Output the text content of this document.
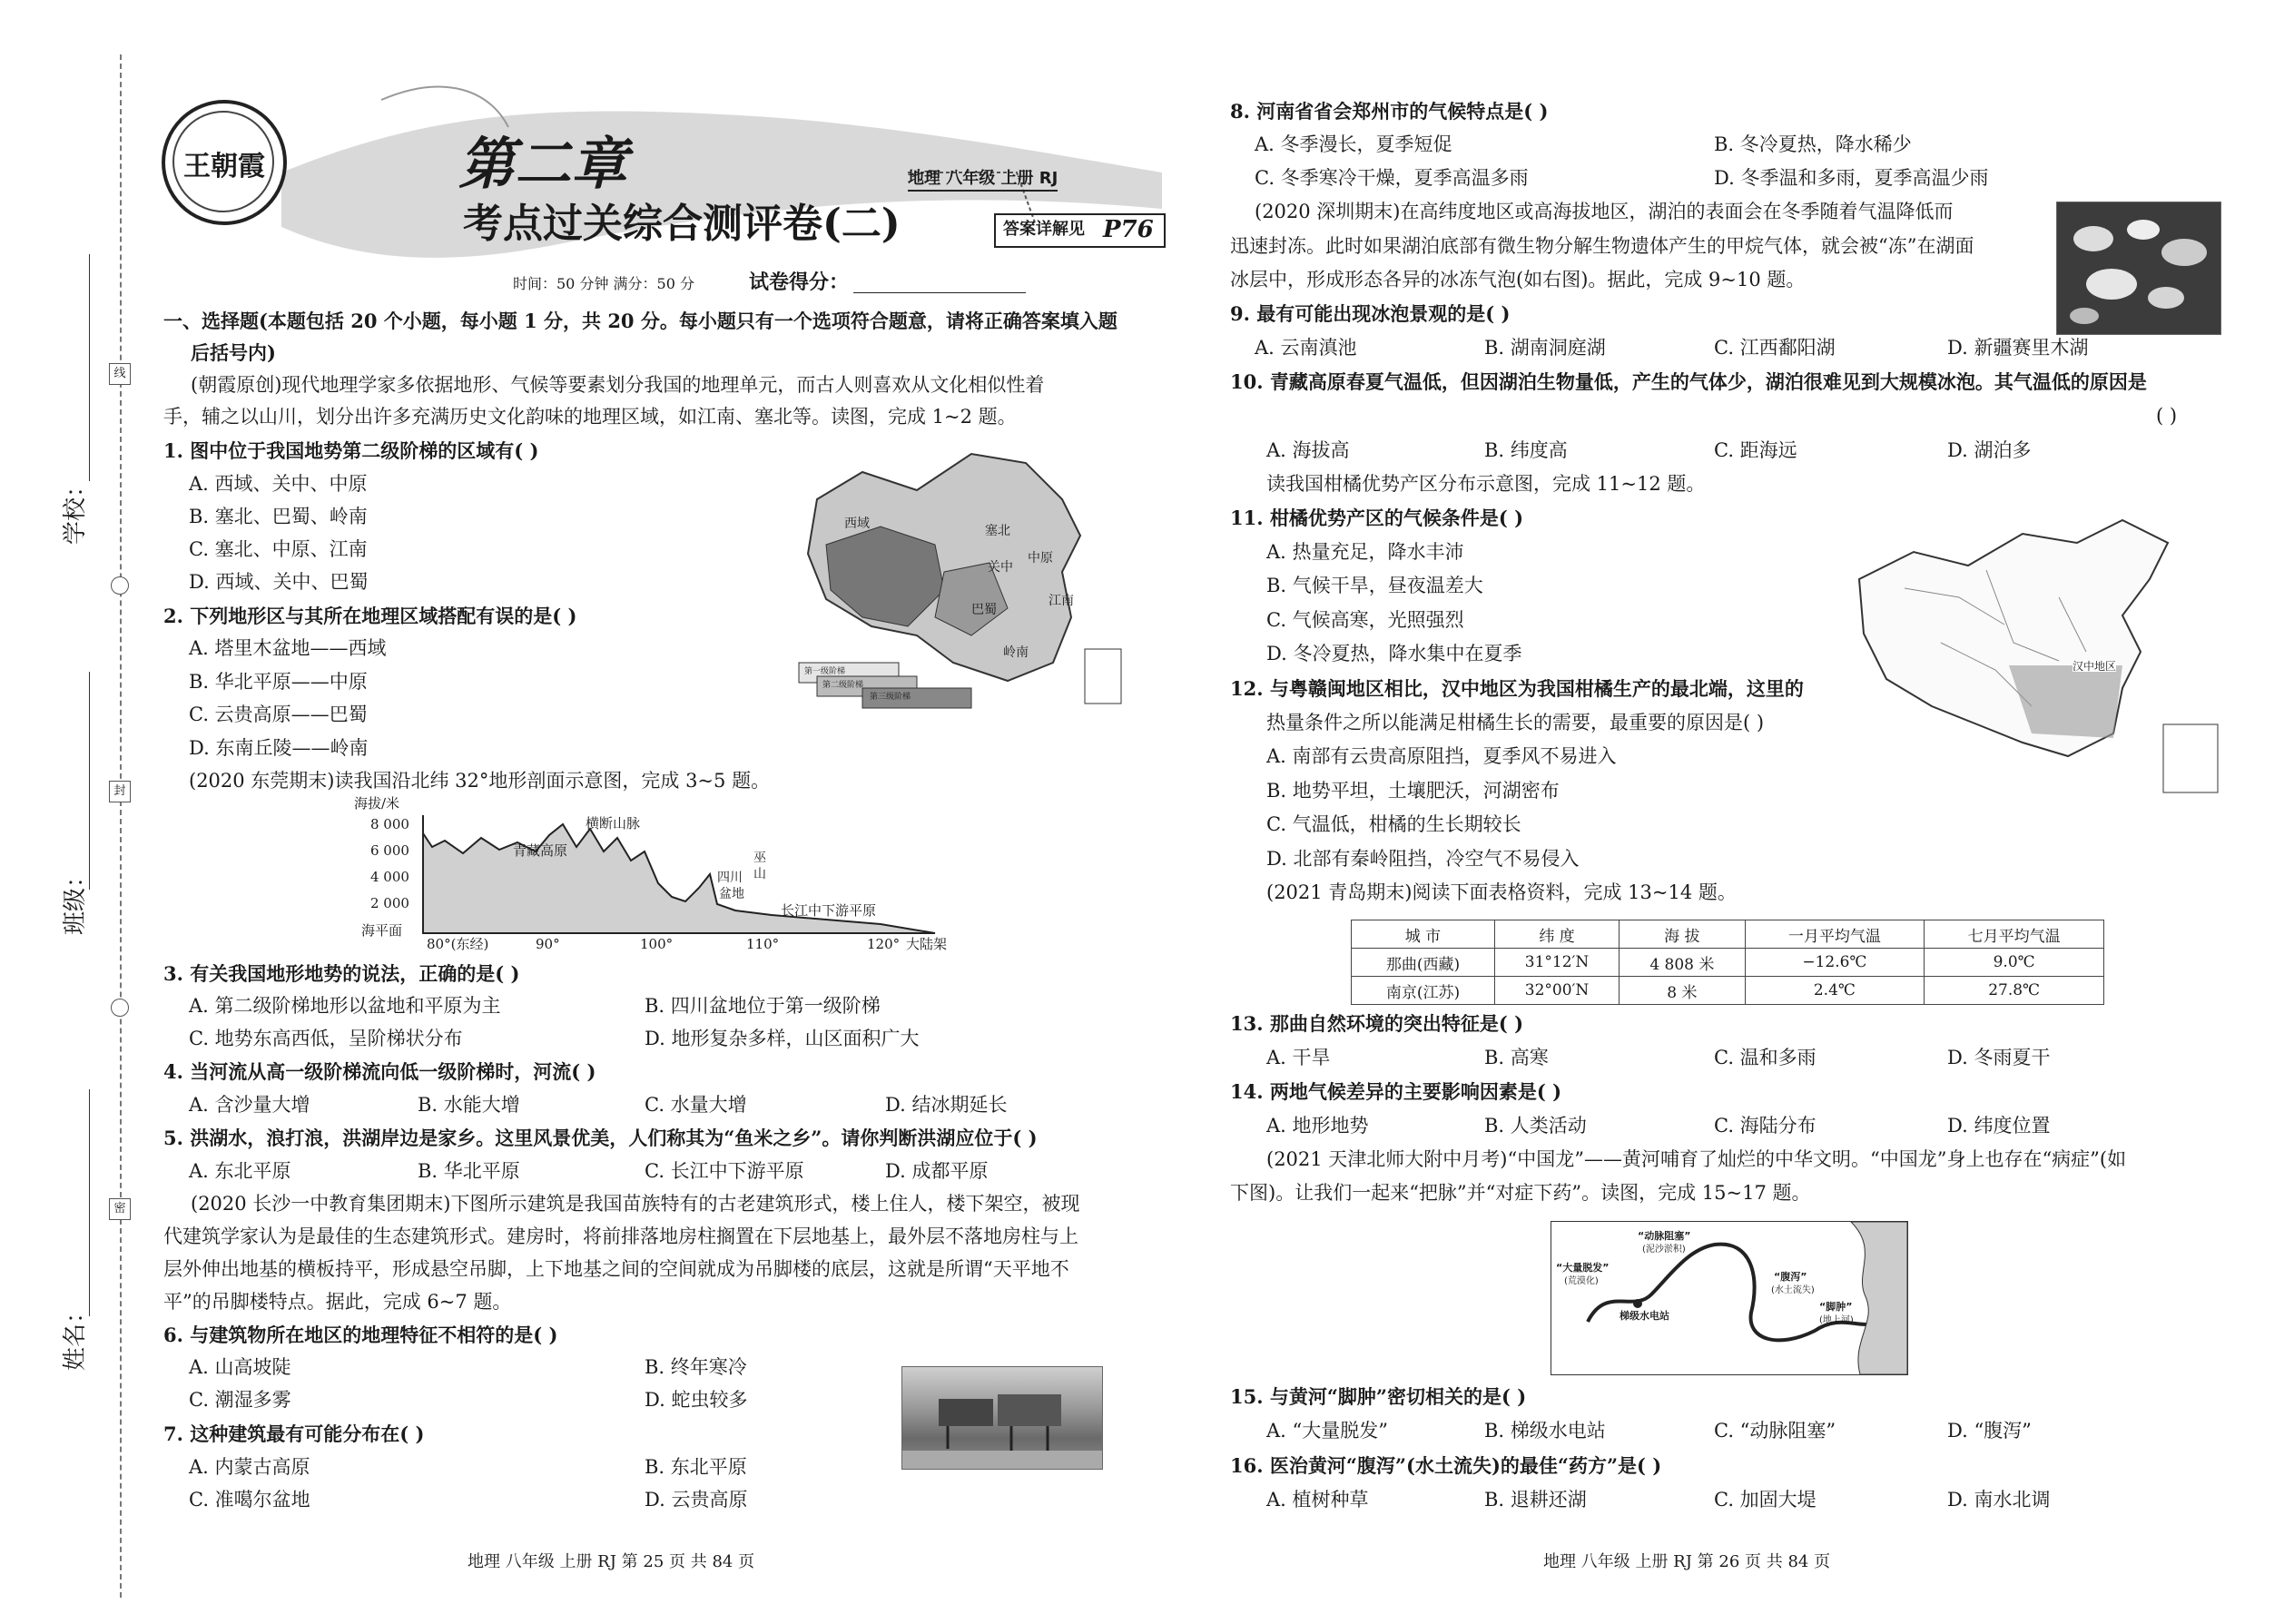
线
封
密
学校：
班级：
姓名：
王朝霞	第二章
考点过关综合测评卷(二)
地理 八年级 上册 RJ
答案详解见 P76
时间：50 分钟 满分：50 分	试卷得分：
一、选择题(本题包括 20 个小题，每小题 1 分，共 20 分。每小题只有一个选项符合题意，请将正确答案填入题
后括号内)
(朝霞原创)现代地理学家多依据地形、气候等要素划分我国的地理单元，而古人则喜欢从文化相似性着
手，辅之以山川，划分出许多充满历史文化韵味的地理区域，如江南、塞北等。读图，完成 1~2 题。
1. 图中位于我国地势第二级阶梯的区域有( )
A. 西域、关中、中原
B. 塞北、巴蜀、岭南
C. 塞北、中原、江南
D. 西域、关中、巴蜀
2. 下列地形区与其所在地理区域搭配有误的是( )
A. 塔里木盆地——西域
B. 华北平原——中原
C. 云贵高原——巴蜀
D. 东南丘陵——岭南
西域	塞北
关中
中原
巴蜀
江南
岭南
第一级阶梯
第二级阶梯
第三级阶梯
(2020 东莞期末)读我国沿北纬 32°地形剖面示意图，完成 3~5 题。
海拔/米
8 000
6 000
4 000
2 000
海平面
80°(东经)	90°	100°	110°	120°
青藏高原
横断山脉
四川
盆地
巫
山
长江中下游平原
大陆架
3. 有关我国地形地势的说法，正确的是( )
A. 第二级阶梯地形以盆地和平原为主	B. 四川盆地位于第一级阶梯
C. 地势东高西低，呈阶梯状分布	D. 地形复杂多样，山区面积广大
4. 当河流从高一级阶梯流向低一级阶梯时，河流( )
A. 含沙量大增	B. 水能大增	C. 水量大增	D. 结冰期延长
5. 洪湖水，浪打浪，洪湖岸边是家乡。这里风景优美，人们称其为“鱼米之乡”。请你判断洪湖应位于( )
A. 东北平原	B. 华北平原	C. 长江中下游平原	D. 成都平原
(2020 长沙一中教育集团期末)下图所示建筑是我国苗族特有的古老建筑形式，楼上住人，楼下架空，被现
代建筑学家认为是最佳的生态建筑形式。建房时，将前排落地房柱搁置在下层地基上，最外层不落地房柱与上
层外伸出地基的横板持平，形成悬空吊脚，上下地基之间的空间就成为吊脚楼的底层，这就是所谓“天平地不
平”的吊脚楼特点。据此，完成 6~7 题。
6. 与建筑物所在地区的地理特征不相符的是( )
A. 山高坡陡	B. 终年寒冷
C. 潮湿多雾	D. 蛇虫较多
7. 这种建筑最有可能分布在( )
A. 内蒙古高原	B. 东北平原
C. 准噶尔盆地	D. 云贵高原
地理 八年级 上册 RJ 第 25 页 共 84 页
8. 河南省省会郑州市的气候特点是( )
A. 冬季漫长，夏季短促	B. 冬冷夏热，降水稀少
C. 冬季寒冷干燥，夏季高温多雨	D. 冬季温和多雨，夏季高温少雨
(2020 深圳期末)在高纬度地区或高海拔地区，湖泊的表面会在冬季随着气温降低而
迅速封冻。此时如果湖泊底部有微生物分解生物遗体产生的甲烷气体，就会被“冻”在湖面
冰层中，形成形态各异的冰冻气泡(如右图)。据此，完成 9~10 题。
9. 最有可能出现冰泡景观的是( )
A. 云南滇池	B. 湖南洞庭湖	C. 江西鄱阳湖	D. 新疆赛里木湖
10. 青藏高原春夏气温低，但因湖泊生物量低，产生的气体少，湖泊很难见到大规模冰泡。其气温低的原因是
( )
A. 海拔高	B. 纬度高	C. 距海远	D. 湖泊多
读我国柑橘优势产区分布示意图，完成 11~12 题。
11. 柑橘优势产区的气候条件是( )
A. 热量充足，降水丰沛
B. 气候干旱，昼夜温差大
C. 气候高寒，光照强烈
D. 冬冷夏热，降水集中在夏季
汉中地区
12. 与粤赣闽地区相比，汉中地区为我国柑橘生产的最北端，这里的
热量条件之所以能满足柑橘生长的需要，最重要的原因是( )
A. 南部有云贵高原阻挡，夏季风不易进入
B. 地势平坦，土壤肥沃，河湖密布
C. 气温低，柑橘的生长期较长
D. 北部有秦岭阻挡，冷空气不易侵入
(2021 青岛期末)阅读下面表格资料，完成 13~14 题。
城 市	纬 度	海 拔	一月平均气温	七月平均气温
那曲(西藏)	31°12′N	4 808 米	−12.6℃	9.0℃
南京(江苏)	32°00′N	8 米	2.4℃	27.8℃
13. 那曲自然环境的突出特征是( )
A. 干旱	B. 高寒	C. 温和多雨	D. 冬雨夏干
14. 两地气候差异的主要影响因素是( )
A. 地形地势	B. 人类活动	C. 海陆分布	D. 纬度位置
(2021 天津北师大附中月考)“中国龙”——黄河哺育了灿烂的中华文明。“中国龙”身上也存在“病症”(如
下图)。让我们一起来“把脉”并“对症下药”。读图，完成 15~17 题。
“动脉阻塞”
(泥沙淤积)
“大量脱发”
(荒漠化)
梯级水电站
“腹泻”
(水土流失)
“脚肿”
(地上河)
15. 与黄河“脚肿”密切相关的是( )
A. “大量脱发”	B. 梯级水电站	C. “动脉阻塞”	D. “腹泻”
16. 医治黄河“腹泻”(水土流失)的最佳“药方”是( )
A. 植树种草	B. 退耕还湖	C. 加固大堤	D. 南水北调
地理 八年级 上册 RJ 第 26 页 共 84 页
